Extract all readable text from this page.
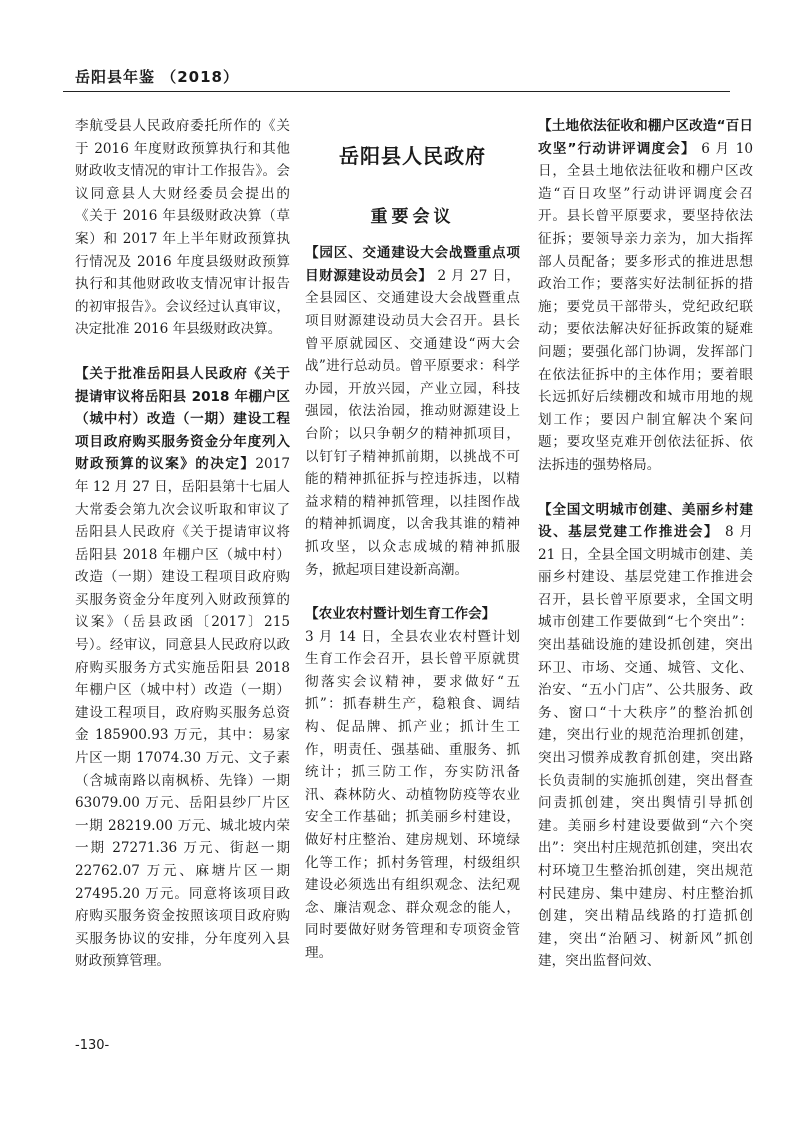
岳阳县年鉴 （2018）

李航受县人民政府委托所作的《关于 2016 年度财政预算执行和其他财政收支情况的审计工作报告》。会议同意县人大财经委员会提出的《关于 2016 年县级财政决算（草案）和 2017 年上半年财政预算执行情况及 2016 年度县级财政预算执行和其他财政收支情况审计报告的初审报告》。会议经过认真审议，决定批准 2016 年县级财政决算。

【关于批准岳阳县人民政府《关于提请审议将岳阳县 2018 年棚户区（城中村）改造（一期）建设工程项目政府购买服务资金分年度列入财政预算的议案》的决定】2017 年 12 月 27 日，岳阳县第十七届人大常委会第九次会议听取和审议了岳阳县人民政府《关于提请审议将岳阳县 2018 年棚户区（城中村）改造（一期）建设工程项目政府购买服务资金分年度列入财政预算的议案》（岳县政函〔2017〕215 号）。经审议，同意县人民政府以政府购买服务方式实施岳阳县 2018 年棚户区（城中村）改造（一期）建设工程项目，政府购买服务总资金 185900.93 万元，其中：易家片区一期 17074.30 万元、文子素（含城南路以南枫桥、先锋）一期 63079.00 万元、岳阳县纱厂片区一期 28219.00 万元、城北坡内荣一期 27271.36 万元、街赵一期 22762.07 万元、麻塘片区一期 27495.20 万元。同意将该项目政府购买服务资金按照该项目政府购买服务协议的安排，分年度列入县财政预算管理。

岳阳县人民政府
重要会议

【园区、交通建设大会战暨重点项目财源建设动员会】 2 月 27 日，全县园区、交通建设大会战暨重点项目财源建设动员大会召开。县长曾平原就园区、交通建设“两大会战”进行总动员。曾平原要求：科学办园，开放兴园，产业立园，科技强园，依法治园，推动财源建设上台阶；以只争朝夕的精神抓项目，以钉钉子精神抓前期，以挑战不可能的精神抓征拆与控违拆违，以精益求精的精神抓管理，以挂图作战的精神抓调度，以舍我其谁的精神抓攻坚，以众志成城的精神抓服务，掀起项目建设新高潮。

【农业农村暨计划生育工作会】
3 月 14 日，全县农业农村暨计划生育工作会召开，县长曾平原就贯彻落实会议精神，要求做好“五抓”：抓春耕生产，稳粮食、调结构、促品牌、抓产业；抓计生工作，明责任、强基础、重服务、抓统计；抓三防工作，夯实防汛备汛、森林防火、动植物防疫等农业安全工作基础；抓美丽乡村建设，做好村庄整治、建房规划、环境绿化等工作；抓村务管理，村级组织建设必须选出有组织观念、法纪观念、廉洁观念、群众观念的能人，同时要做好财务管理和专项资金管理。

【土地依法征收和棚户区改造“百日攻坚”行动讲评调度会】 6 月 10 日，全县土地依法征收和棚户区改造“百日攻坚”行动讲评调度会召开。县长曾平原要求，要坚持依法征拆；要领导亲力亲为，加大指挥部人员配备；要多形式的推进思想政治工作；要落实好法制征拆的措施；要党员干部带头，党纪政纪联动；要依法解决好征拆政策的疑难问题；要强化部门协调，发挥部门在依法征拆中的主体作用；要着眼长远抓好后续棚改和城市用地的规划工作；要因户制宜解决个案问题；要攻坚克难开创依法征拆、依法拆违的强势格局。

【全国文明城市创建、美丽乡村建设、基层党建工作推进会】 8 月 21 日，全县全国文明城市创建、美丽乡村建设、基层党建工作推进会召开，县长曾平原要求，全国文明城市创建工作要做到“七个突出”：突出基础设施的建设抓创建，突出环卫、市场、交通、城管、文化、治安、“五小门店”、公共服务、政务、窗口“十大秩序”的整治抓创建，突出行业的规范治理抓创建，突出习惯养成教育抓创建，突出路长负责制的实施抓创建，突出督查问责抓创建，突出舆情引导抓创建。美丽乡村建设要做到“六个突出”：突出村庄规范抓创建，突出农村环境卫生整治抓创建，突出规范村民建房、集中建房、村庄整治抓创建，突出精品线路的打造抓创建，突出“治陋习、树新风”抓创建，突出监督问效、

-130-
